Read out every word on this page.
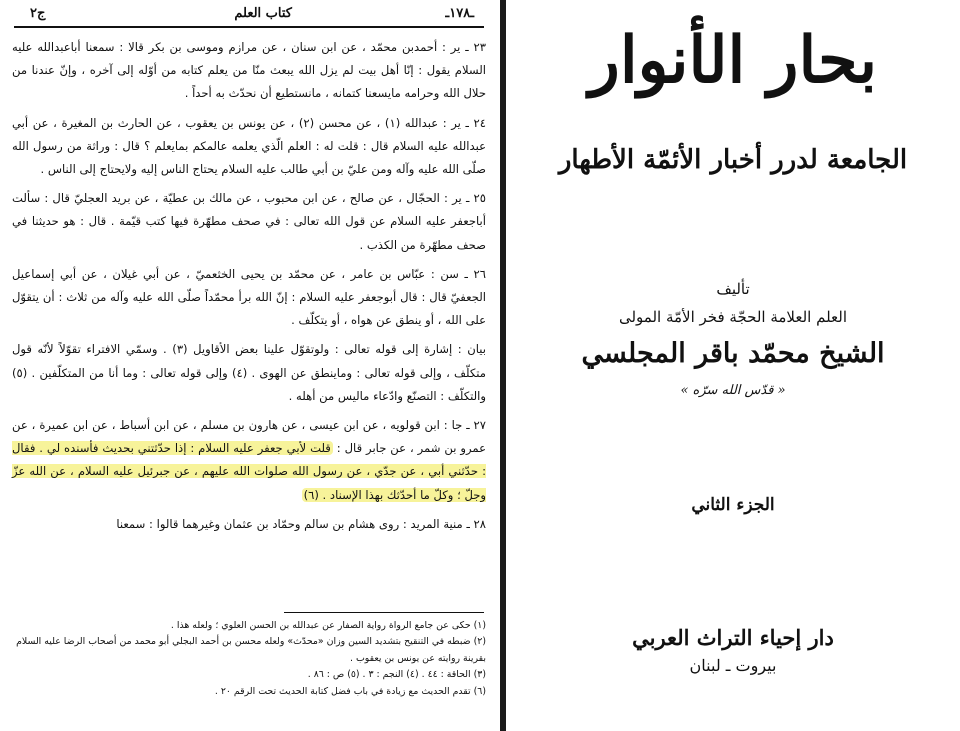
ـ١٧٨ـ
كتاب العلم
ج٢

٢٣ ـ ير : أحمدبن محمّد ، عن ابن سنان ، عن مرازم وموسى بن بكر قالا : سمعنا أباعبدالله عليه السلام يقول : إنّا أهل بيت لم يزل الله يبعث منّا من يعلم كتابه من أوّله إلى آخره ، وإنّ عندنا من حلال الله وحرامه مايسعنا كتمانه ، مانستطيع أن نحدّث به أحداً .

٢٤ ـ ير : عبدالله (١) ، عن محسن (٢) ، عن يونس بن يعقوب ، عن الحارث بن المغيرة ، عن أبي عبدالله عليه السلام قال : قلت له : العلم الّذي يعلمه عالمكم بمايعلم ؟ قال : وراثة من رسول الله صلّى الله عليه وآله ومن عليّ بن أبي طالب عليه السلام يحتاج الناس إليه ولايحتاج إلى الناس .

٢٥ ـ ير : الحجّال ، عن صالح ، عن ابن محبوب ، عن مالك بن عطيّة ، عن بريد العجليّ قال : سألت أباجعفر عليه السلام عن قول الله تعالى : في صحف مطهّرة فيها كتب قيّمة . قال : هو حديثنا في صحف مطهّرة من الكذب .

٢٦ ـ سن : عبّاس بن عامر ، عن محمّد بن يحيى الخثعميّ ، عن أبي غيلان ، عن أبي إسماعيل الجعفيّ قال : قال أبوجعفر عليه السلام : إنّ الله برأ محمّداً صلّى الله عليه وآله من ثلاث : أن يتقوّل على الله ، أو ينطق عن هواه ، أو يتكلّف .

بيان : إشارة إلى قوله تعالى : ولوتقوّل علينا بعض الأقاويل (٣) . وسمّي الافتراء تقوّلاً لأنّه قول متكلّف ، وإلى قوله تعالى : وماينطق عن الهوى . (٤) وإلى قوله تعالى : وما أنا من المتكلّفين . (٥) والتكلّف : التصنّع وادّعاء ماليس من أهله .

٢٧ ـ جا : ابن قولويه ، عن ابن عيسى ، عن هارون بن مسلم ، عن ابن أسباط ، عن ابن عميرة ، عن عمرو بن شمر ، عن جابر قال : قلت لأبي جعفر عليه السلام : إذا حدّثتني بحديث فأسنده لي . فقال : حدّثني أبي ، عن جدّي ، عن رسول الله صلوات الله عليهم ، عن جبرئيل عليه السلام ، عن الله عزّ وجلّ ؛ وكلّ ما أحدّثك بهذا الإسناد . (٦)

٢٨ ـ منية المريد : روى هشام بن سالم وحمّاد بن عثمان وغيرهما قالوا : سمعنا

(١) حكى عن جامع الرواة رواية الصفار عن عبدالله بن الحسن العلوي ؛ ولعله هذا .

(٢) ضبطه في التنقيح بتشديد السين وزان «محدّث» ولعله محسن بن أحمد البجلي أبو محمد من أصحاب الرضا عليه السلام بقرينة روايته عن يونس بن يعقوب .

(٣) الحاقة : ٤٤ . (٤) النجم : ٣ . (٥) ص : ٨٦ .

(٦) تقدم الحديث مع زيادة في باب فضل كتابة الحديث تحت الرقم ٢٠ .

بحار الأنوار
الجامعة لدرر أخبار الأئمّة الأطهار
تأليف
العلم العلامة الحجّة فخر الأمّة المولى
الشيخ محمّد باقر المجلسي
« قدّس الله سرّه »
الجزء الثاني
دار إحياء التراث العربي
بيروت ـ لبنان
